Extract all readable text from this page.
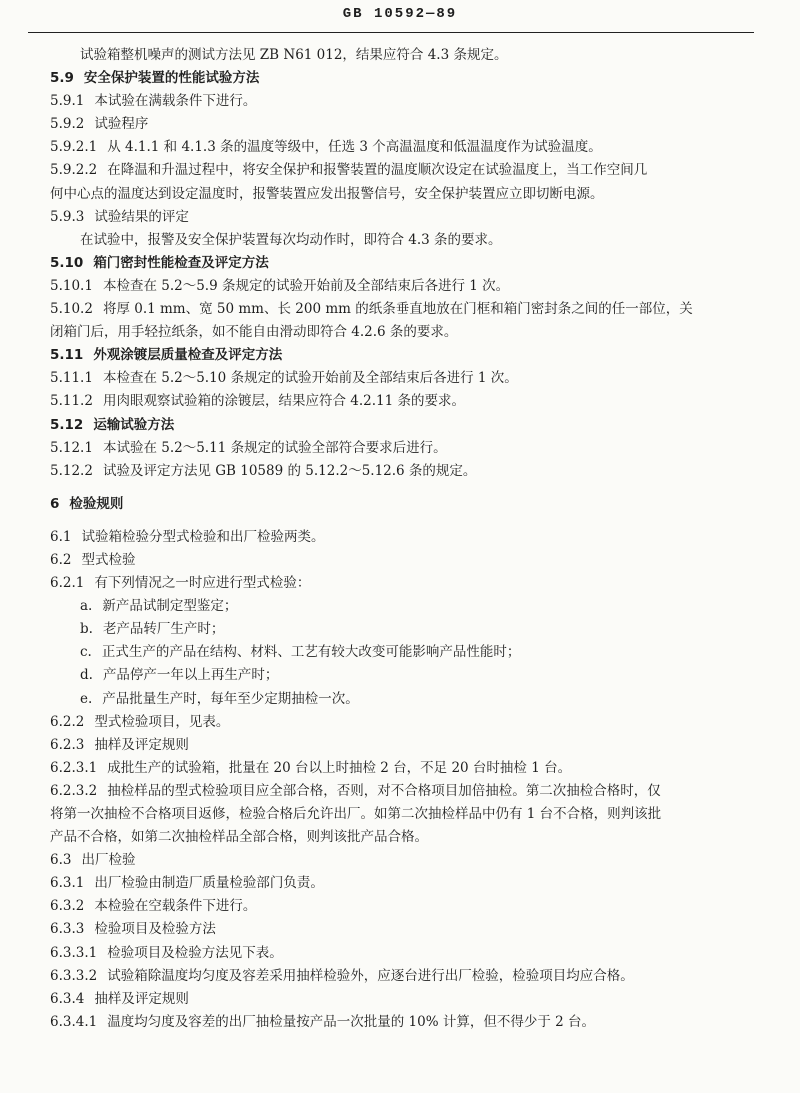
GB 10592—89
试验箱整机噪声的测试方法见 ZB N61 012，结果应符合 4.3 条规定。
5.9 安全保护装置的性能试验方法
5.9.1 本试验在满载条件下进行。
5.9.2 试验程序
5.9.2.1 从 4.1.1 和 4.1.3 条的温度等级中，任选 3 个高温温度和低温温度作为试验温度。
5.9.2.2 在降温和升温过程中，将安全保护和报警装置的温度顺次设定在试验温度上，当工作空间几
何中心点的温度达到设定温度时，报警装置应发出报警信号，安全保护装置应立即切断电源。
5.9.3 试验结果的评定
在试验中，报警及安全保护装置每次均动作时，即符合 4.3 条的要求。
5.10 箱门密封性能检查及评定方法
5.10.1 本检查在 5.2～5.9 条规定的试验开始前及全部结束后各进行 1 次。
5.10.2 将厚 0.1 mm、宽 50 mm、长 200 mm 的纸条垂直地放在门框和箱门密封条之间的任一部位，关
闭箱门后，用手轻拉纸条，如不能自由滑动即符合 4.2.6 条的要求。
5.11 外观涂镀层质量检查及评定方法
5.11.1 本检查在 5.2～5.10 条规定的试验开始前及全部结束后各进行 1 次。
5.11.2 用肉眼观察试验箱的涂镀层，结果应符合 4.2.11 条的要求。
5.12 运输试验方法
5.12.1 本试验在 5.2～5.11 条规定的试验全部符合要求后进行。
5.12.2 试验及评定方法见 GB 10589 的 5.12.2～5.12.6 条的规定。
6 检验规则
6.1 试验箱检验分型式检验和出厂检验两类。
6.2 型式检验
6.2.1 有下列情况之一时应进行型式检验：
a. 新产品试制定型鉴定；
b. 老产品转厂生产时；
c. 正式生产的产品在结构、材料、工艺有较大改变可能影响产品性能时；
d. 产品停产一年以上再生产时；
e. 产品批量生产时，每年至少定期抽检一次。
6.2.2 型式检验项目，见表。
6.2.3 抽样及评定规则
6.2.3.1 成批生产的试验箱，批量在 20 台以上时抽检 2 台，不足 20 台时抽检 1 台。
6.2.3.2 抽检样品的型式检验项目应全部合格，否则，对不合格项目加倍抽检。第二次抽检合格时，仅
将第一次抽检不合格项目返修，检验合格后允许出厂。如第二次抽检样品中仍有 1 台不合格，则判该批
产品不合格，如第二次抽检样品全部合格，则判该批产品合格。
6.3 出厂检验
6.3.1 出厂检验由制造厂质量检验部门负责。
6.3.2 本检验在空载条件下进行。
6.3.3 检验项目及检验方法
6.3.3.1 检验项目及检验方法见下表。
6.3.3.2 试验箱除温度均匀度及容差采用抽样检验外，应逐台进行出厂检验，检验项目均应合格。
6.3.4 抽样及评定规则
6.3.4.1 温度均匀度及容差的出厂抽检量按产品一次批量的 10% 计算，但不得少于 2 台。
